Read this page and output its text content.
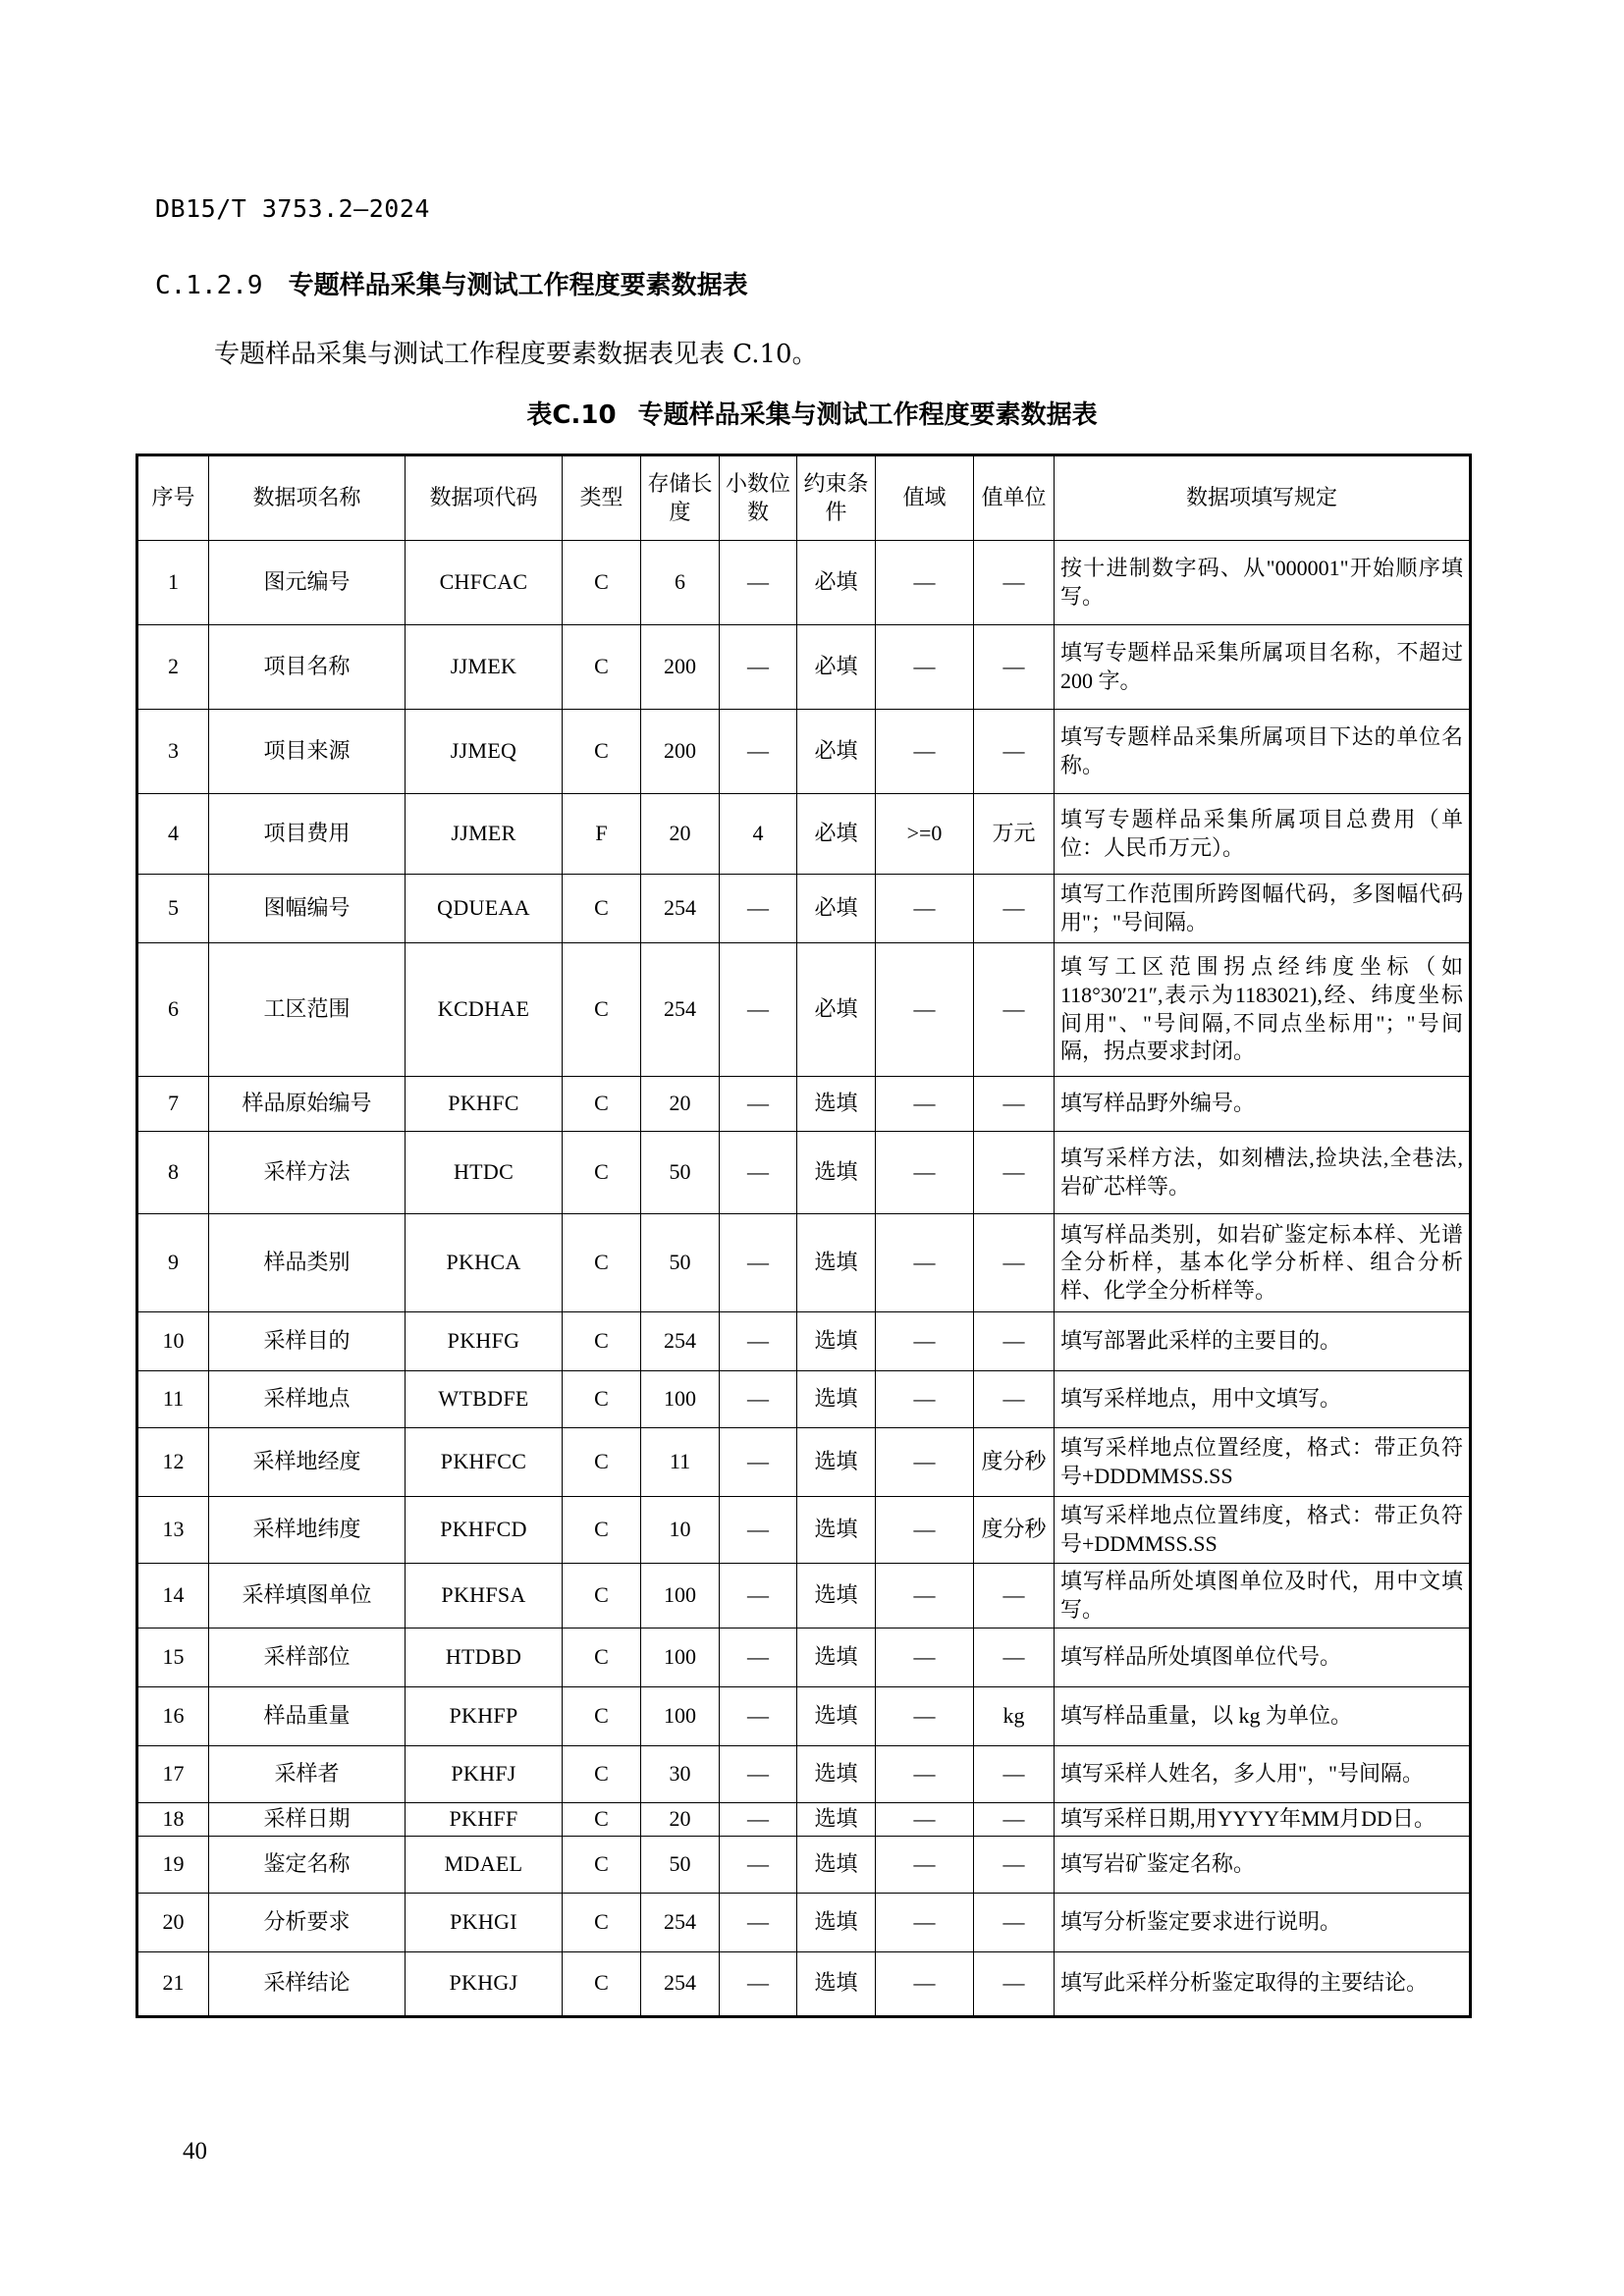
DB15/T 3753.2—2024
C.1.2.9 专题样品采集与测试工作程度要素数据表
专题样品采集与测试工作程度要素数据表见表 C.10。
表C.10 专题样品采集与测试工作程度要素数据表
序号	数据项名称	数据项代码	类型	存储长度	小数位数	约束条件	值域	值单位	数据项填写规定
1	图元编号	CHFCAC	C	6	—	必填	—	—	按十进制数字码、从"000001"开始顺序填写。
2	项目名称	JJMEK	C	200	—	必填	—	—	填写专题样品采集所属项目名称，不超过 200 字。
3	项目来源	JJMEQ	C	200	—	必填	—	—	填写专题样品采集所属项目下达的单位名称。
4	项目费用	JJMER	F	20	4	必填	>=0	万元	填写专题样品采集所属项目总费用（单位：人民币万元）。
5	图幅编号	QDUEAA	C	254	—	必填	—	—	填写工作范围所跨图幅代码，多图幅代码用"；"号间隔。
6	工区范围	KCDHAE	C	254	—	必填	—	—	填写工区范围拐点经纬度坐标（如118°30′21″,表示为1183021),经、纬度坐标间用"、"号间隔,不同点坐标用"；"号间隔，拐点要求封闭。
7	样品原始编号	PKHFC	C	20	—	选填	—	—	填写样品野外编号。
8	采样方法	HTDC	C	50	—	选填	—	—	填写采样方法，如刻槽法,捡块法,全巷法,岩矿芯样等。
9	样品类别	PKHCA	C	50	—	选填	—	—	填写样品类别，如岩矿鉴定标本样、光谱全分析样，基本化学分析样、组合分析样、化学全分析样等。
10	采样目的	PKHFG	C	254	—	选填	—	—	填写部署此采样的主要目的。
11	采样地点	WTBDFE	C	100	—	选填	—	—	填写采样地点，用中文填写。
12	采样地经度	PKHFCC	C	11	—	选填	—	度分秒	填写采样地点位置经度，格式：带正负符号+DDDMMSS.SS
13	采样地纬度	PKHFCD	C	10	—	选填	—	度分秒	填写采样地点位置纬度，格式：带正负符号+DDMMSS.SS
14	采样填图单位	PKHFSA	C	100	—	选填	—	—	填写样品所处填图单位及时代，用中文填写。
15	采样部位	HTDBD	C	100	—	选填	—	—	填写样品所处填图单位代号。
16	样品重量	PKHFP	C	100	—	选填	—	kg	填写样品重量，以 kg 为单位。
17	采样者	PKHFJ	C	30	—	选填	—	—	填写采样人姓名，多人用"，"号间隔。
18	采样日期	PKHFF	C	20	—	选填	—	—	填写采样日期,用YYYY年MM月DD日。
19	鉴定名称	MDAEL	C	50	—	选填	—	—	填写岩矿鉴定名称。
20	分析要求	PKHGI	C	254	—	选填	—	—	填写分析鉴定要求进行说明。
21	采样结论	PKHGJ	C	254	—	选填	—	—	填写此采样分析鉴定取得的主要结论。
40
